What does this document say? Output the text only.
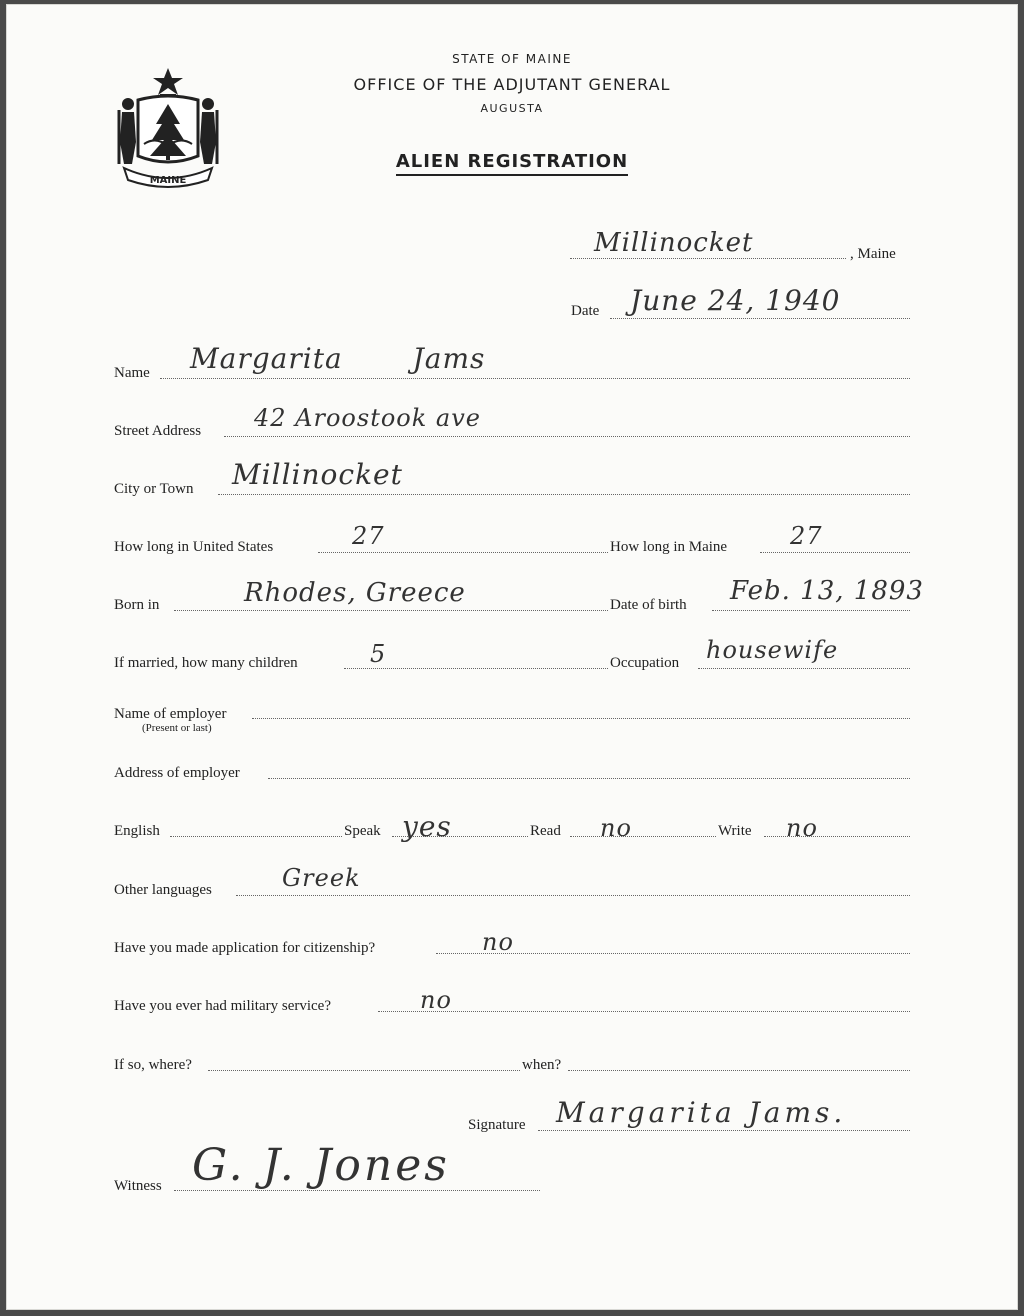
STATE OF MAINE
OFFICE OF THE ADJUTANT GENERAL
AUGUSTA
ALIEN REGISTRATION
MAINE
Millinocket	, Maine
Date June 24, 1940
Name Margarita Jams
Street Address 42 Aroostook ave
City or Town Millinocket
How long in United States	27	How long in Maine	27
Born in	Rhodes, Greece	Date of birth Feb. 13, 1893
If married, how many children	5	Occupation housewife
Name of employer
(Present or last)
Address of employer
English	Speak yes	Read no	Write no
Other languages	Greek
Have you made application for citizenship?	no
Have you ever had military service?	no
If so, where?	when?
Signature Margarita Jams.
Witness G. J. Jones
